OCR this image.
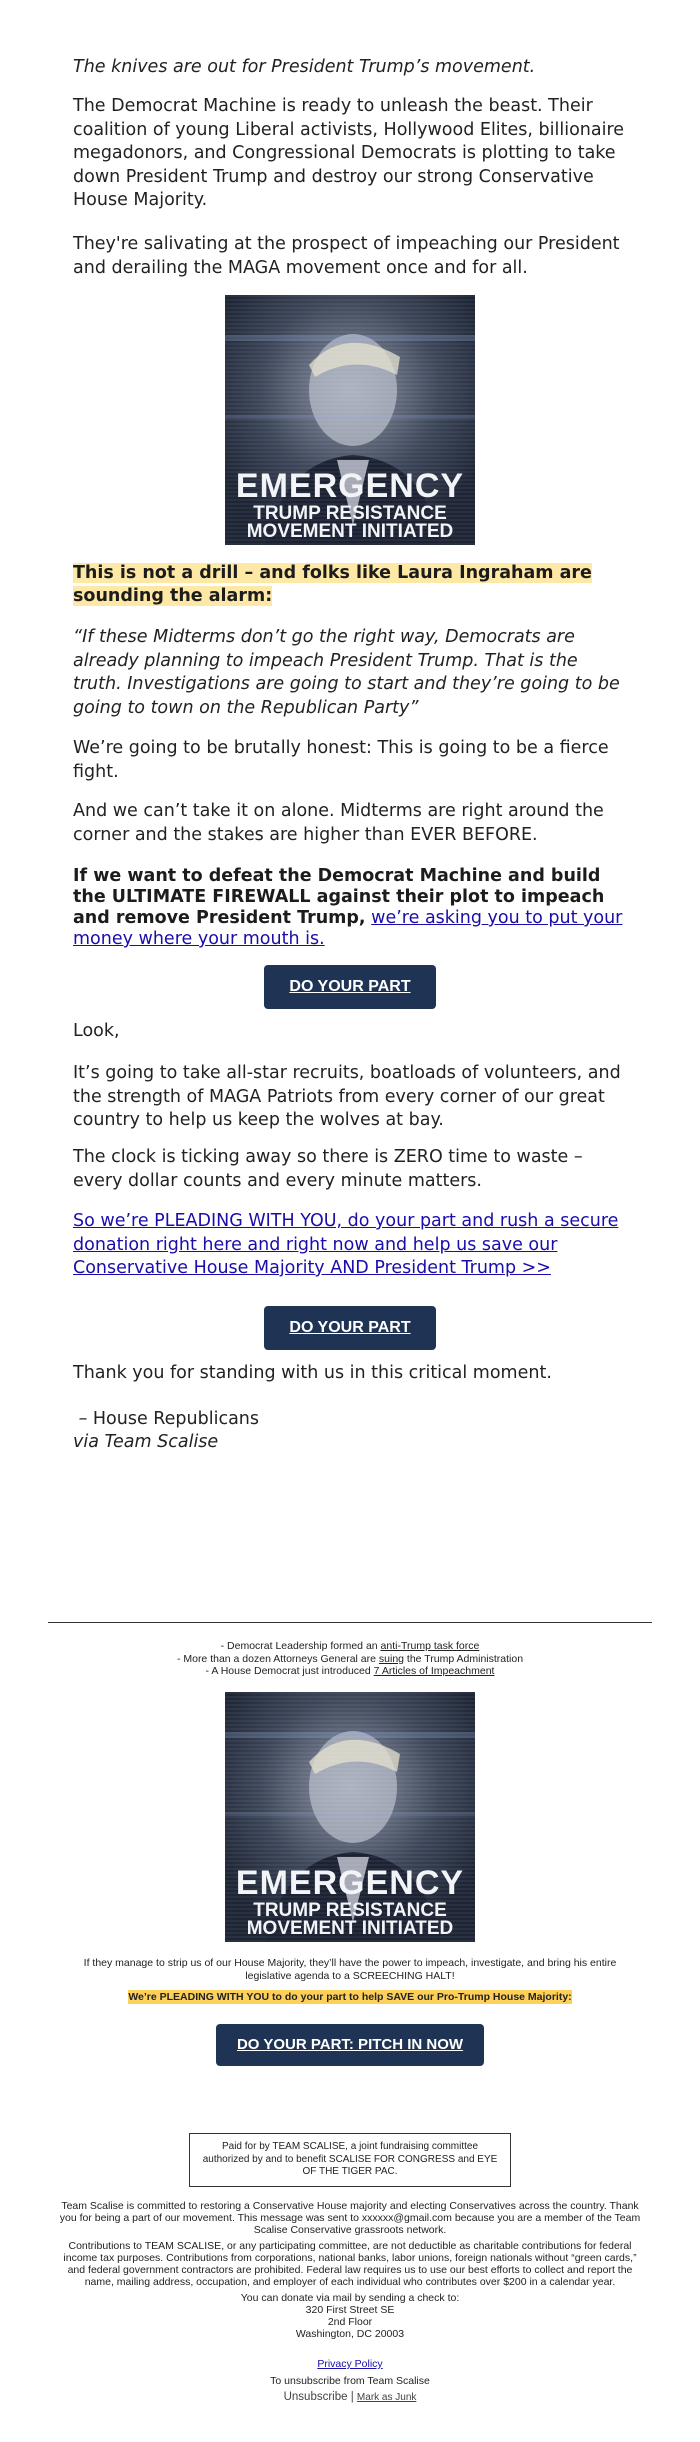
The knives are out for President Trump’s movement.
The Democrat Machine is ready to unleash the beast. Their coalition of young Liberal activists, Hollywood Elites, billionaire megadonors, and Congressional Democrats is plotting to take down President Trump and destroy our strong Conservative House Majority.
They're salivating at the prospect of impeaching our President and derailing the MAGA movement once and for all.
This is not a drill – and folks like Laura Ingraham are sounding the alarm:
“If these Midterms don’t go the right way, Democrats are already planning to impeach President Trump. That is the truth. Investigations are going to start and they’re going to be going to town on the Republican Party”
We’re going to be brutally honest: This is going to be a fierce fight.
And we can’t take it on alone. Midterms are right around the corner and the stakes are higher than EVER BEFORE.
If we want to defeat the Democrat Machine and build the ULTIMATE FIREWALL against their plot to impeach and remove President Trump, we’re asking you to put your money where your mouth is.
Look,
It’s going to take all-star recruits, boatloads of volunteers, and the strength of MAGA Patriots from every corner of our great country to help us keep the wolves at bay.
The clock is ticking away so there is ZERO time to waste – every dollar counts and every minute matters.
So we’re PLEADING WITH YOU, do your part and rush a secure donation right here and right now and help us save our Conservative House Majority AND President Trump >>
Thank you for standing with us in this critical moment.
– House Republicans
via Team Scalise
EMERGENCY
TRUMP RESISTANCE
MOVEMENT INITIATED
DO YOUR PART
DO YOUR PART
- Democrat Leadership formed an anti-Trump task force
- More than a dozen Attorneys General are suing the Trump Administration
- A House Democrat just introduced 7 Articles of Impeachment
EMERGENCY
TRUMP RESISTANCE
MOVEMENT INITIATED
If they manage to strip us of our House Majority, they’ll have the power to impeach, investigate, and bring his entire legislative agenda to a SCREECHING HALT!
We’re PLEADING WITH YOU to do your part to help SAVE our Pro-Trump House Majority:
DO YOUR PART: PITCH IN NOW
Paid for by TEAM SCALISE, a joint fundraising committee authorized by and to benefit SCALISE FOR CONGRESS and EYE OF THE TIGER PAC.
Team Scalise is committed to restoring a Conservative House majority and electing Conservatives across the country. Thank you for being a part of our movement. This message was sent to xxxxxx@gmail.com because you are a member of the Team Scalise Conservative grassroots network.
Contributions to TEAM SCALISE, or any participating committee, are not deductible as charitable contributions for federal income tax purposes. Contributions from corporations, national banks, labor unions, foreign nationals without “green cards,” and federal government contractors are prohibited. Federal law requires us to use our best efforts to collect and report the name, mailing address, occupation, and employer of each individual who contributes over $200 in a calendar year.
You can donate via mail by sending a check to:
320 First Street SE
2nd Floor
Washington, DC 20003
Privacy Policy
To unsubscribe from Team Scalise
Unsubscribe | Mark as Junk
